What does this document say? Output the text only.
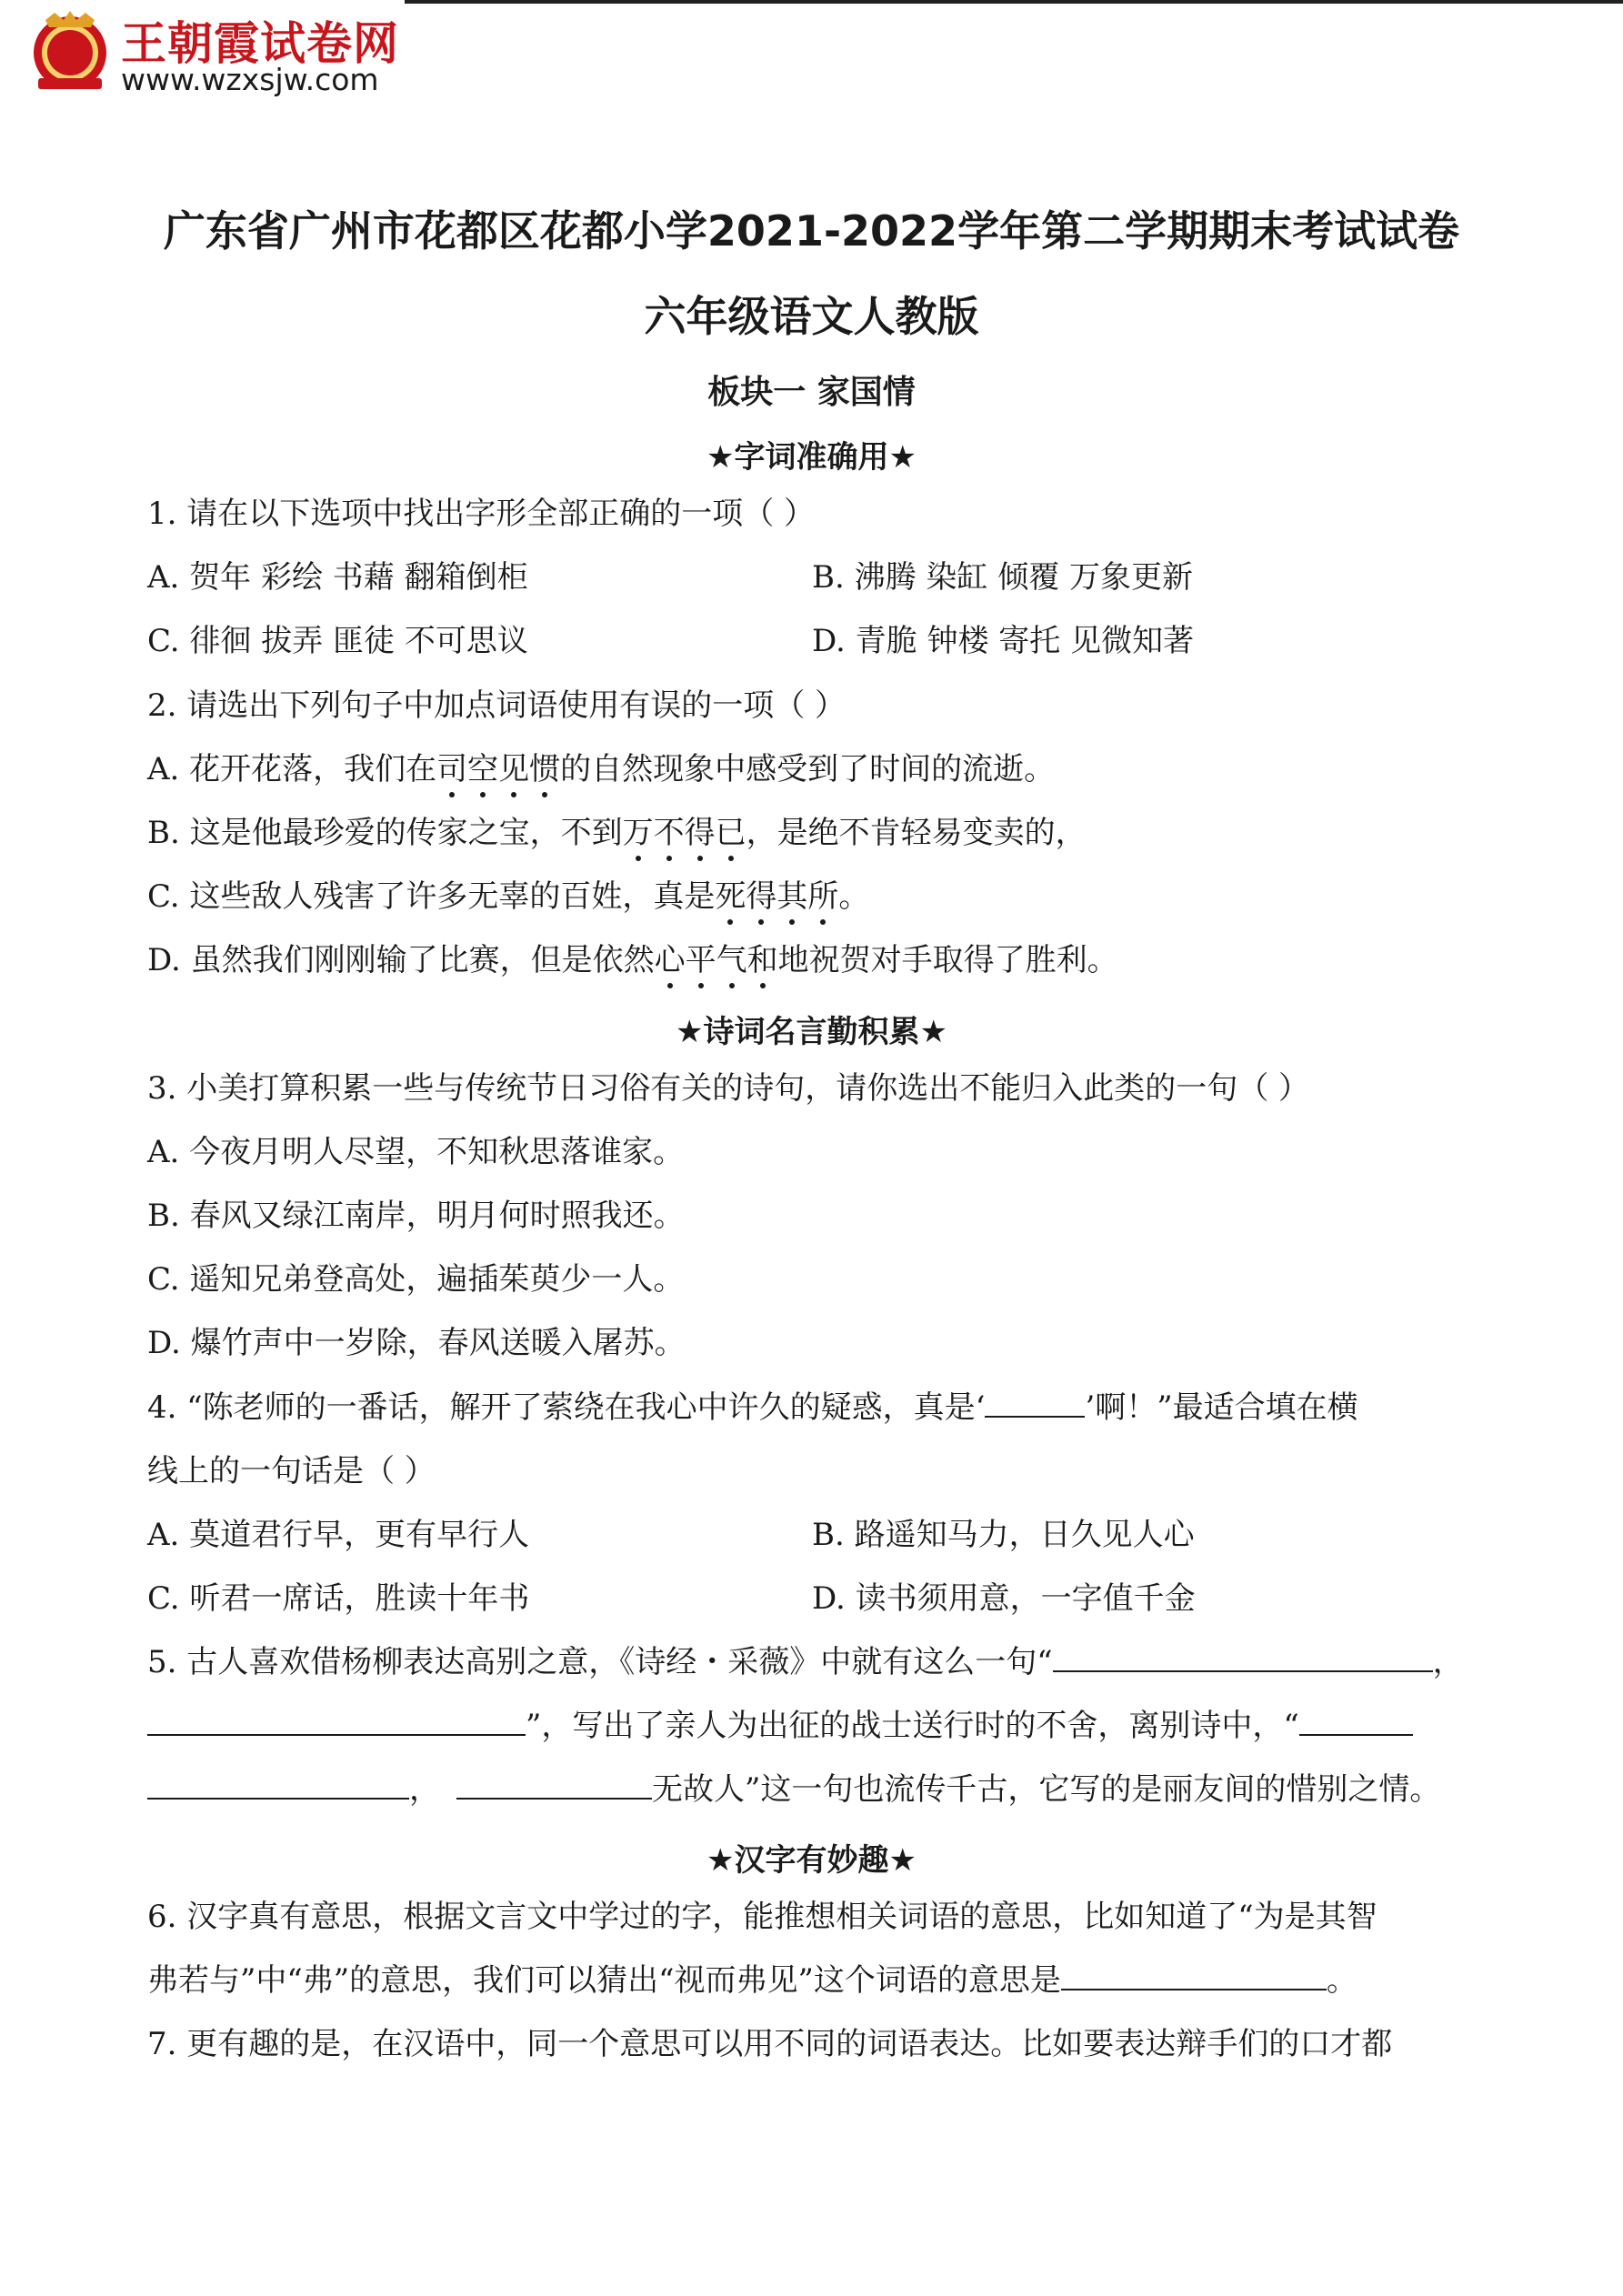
王朝霞试卷网
www.wzxsjw.com
广东省广州市花都区花都小学2021-2022学年第二学期期末考试试卷
六年级语文人教版
板块一 家国情
★字词准确用★
1. 请在以下选项中找出字形全部正确的一项（ ）
A. 贺年 彩绘 书藉 翻箱倒柜	B. 沸腾 染缸 倾覆 万象更新
C. 徘徊 拔弄 匪徒 不可思议	D. 青脆 钟楼 寄托 见微知著
2. 请选出下列句子中加点词语使用有误的一项（ ）
A. 花开花落，我们在司空见惯的自然现象中感受到了时间的流逝。
B. 这是他最珍爱的传家之宝，不到万不得已，是绝不肯轻易变卖的，
C. 这些敌人残害了许多无辜的百姓，真是死得其所。
D. 虽然我们刚刚输了比赛，但是依然心平气和地祝贺对手取得了胜利。
★诗词名言勤积累★
3. 小美打算积累一些与传统节日习俗有关的诗句，请你选出不能归入此类的一句（ ）
A. 今夜月明人尽望，不知秋思落谁家。
B. 春风又绿江南岸，明月何时照我还。
C. 遥知兄弟登高处，遍插茱萸少一人。
D. 爆竹声中一岁除，春风送暖入屠苏。
4. “陈老师的一番话，解开了萦绕在我心中许久的疑惑，真是‘	’啊！”最适合填在横
线上的一句话是（ ）
A. 莫道君行早，更有早行人	B. 路遥知马力，日久见人心
C. 听君一席话，胜读十年书	D. 读书须用意，一字值千金
5. 古人喜欢借杨柳表达高别之意，《诗经・采薇》中就有这么一句“	，
”，写出了亲人为出征的战士送行时的不舍，离别诗中，“
，	无故人”这一句也流传千古，它写的是丽友间的惜别之情。
★汉字有妙趣★
6. 汉字真有意思，根据文言文中学过的字，能推想相关词语的意思，比如知道了“为是其智
弗若与”中“弗”的意思，我们可以猜出“视而弗见”这个词语的意思是	。
7. 更有趣的是，在汉语中，同一个意思可以用不同的词语表达。比如要表达辩手们的口才都
